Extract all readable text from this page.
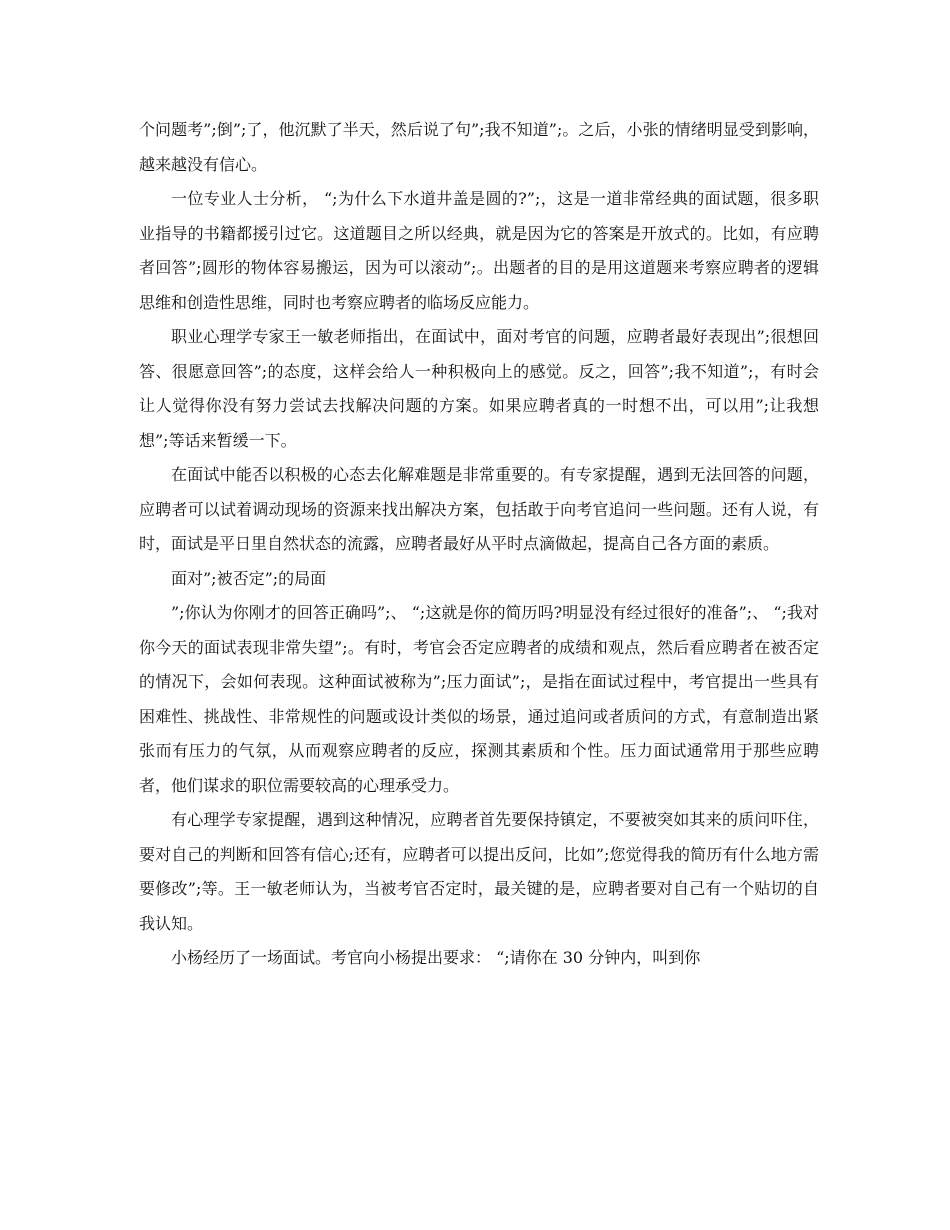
个问题考”;倒”;了，他沉默了半天，然后说了句”;我不知道”;。之后，小张的情绪明显受到影响，越来越没有信心。

一位专业人士分析， “;为什么下水道井盖是圆的?”;，这是一道非常经典的面试题，很多职业指导的书籍都援引过它。这道题目之所以经典，就是因为它的答案是开放式的。比如，有应聘者回答”;圆形的物体容易搬运，因为可以滚动”;。出题者的目的是用这道题来考察应聘者的逻辑思维和创造性思维，同时也考察应聘者的临场反应能力。

职业心理学专家王一敏老师指出，在面试中，面对考官的问题，应聘者最好表现出”;很想回答、很愿意回答”;的态度，这样会给人一种积极向上的感觉。反之，回答”;我不知道”;，有时会让人觉得你没有努力尝试去找解决问题的方案。如果应聘者真的一时想不出，可以用”;让我想想”;等话来暂缓一下。

在面试中能否以积极的心态去化解难题是非常重要的。有专家提醒，遇到无法回答的问题，应聘者可以试着调动现场的资源来找出解决方案，包括敢于向考官追问一些问题。还有人说，有时，面试是平日里自然状态的流露，应聘者最好从平时点滴做起，提高自己各方面的素质。

面对”;被否定”;的局面

”;你认为你刚才的回答正确吗”;、 “;这就是你的简历吗?明显没有经过很好的准备”;、 “;我对你今天的面试表现非常失望”;。有时，考官会否定应聘者的成绩和观点，然后看应聘者在被否定的情况下，会如何表现。这种面试被称为”;压力面试”;，是指在面试过程中，考官提出一些具有困难性、挑战性、非常规性的问题或设计类似的场景，通过追问或者质问的方式，有意制造出紧张而有压力的气氛，从而观察应聘者的反应，探测其素质和个性。压力面试通常用于那些应聘者，他们谋求的职位需要较高的心理承受力。

有心理学专家提醒，遇到这种情况，应聘者首先要保持镇定，不要被突如其来的质问吓住，要对自己的判断和回答有信心;还有，应聘者可以提出反问，比如”;您觉得我的简历有什么地方需要修改”;等。王一敏老师认为，当被考官否定时，最关键的是，应聘者要对自己有一个贴切的自我认知。

小杨经历了一场面试。考官向小杨提出要求： “;请你在 30 分钟内，叫到你
